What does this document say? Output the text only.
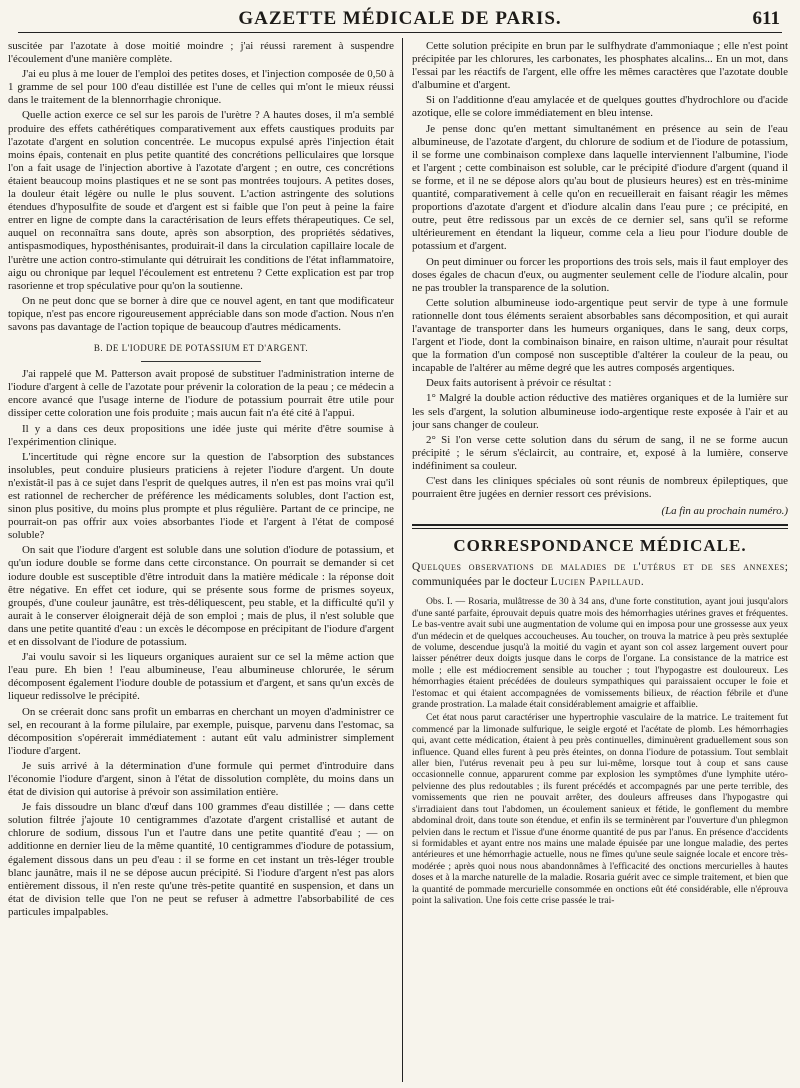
GAZETTE MÉDICALE DE PARIS.	611

suscitée par l'azotate à dose moitié moindre ; j'ai réussi rarement à suspendre l'écoulement d'une manière complète.

J'ai eu plus à me louer de l'emploi des petites doses, et l'injection composée de 0,50 à 1 gramme de sel pour 100 d'eau distillée est l'une de celles qui m'ont le mieux réussi dans le traitement de la blennorrhagie chronique.

Quelle action exerce ce sel sur les parois de l'urètre ? A hautes doses, il m'a semblé produire des effets cathérétiques comparativement aux effets caustiques produits par l'azotate d'argent en solution concentrée. Le mucopus expulsé après l'injection était moins épais, contenait en plus petite quantité des concrétions pelliculaires que lorsque l'on a fait usage de l'injection abortive à l'azotate d'argent ; en outre, ces concrétions étaient beaucoup moins plastiques et ne se sont pas montrées toujours. A petites doses, la douleur était légère ou nulle le plus souvent. L'action astringente des solutions étendues d'hyposulfite de soude et d'argent est si faible que l'on peut à peine la faire entrer en ligne de compte dans la caractérisation de leurs effets thérapeutiques. Ce sel, auquel on reconnaîtra sans doute, après son absorption, des propriétés sédatives, antispasmodiques, hyposthénisantes, produirait-il dans la circulation capillaire locale de l'urètre une action contro-stimulante qui détruirait les conditions de l'état inflammatoire, aigu ou chronique par lequel l'écoulement est entretenu ? Cette explication est par trop rasorienne et trop spéculative pour qu'on la soutienne.

On ne peut donc que se borner à dire que ce nouvel agent, en tant que modificateur topique, n'est pas encore rigoureusement appréciable dans son mode d'action. Nous n'en savons pas davantage de l'action topique de beaucoup d'autres médicaments.

B. DE L'IODURE DE POTASSIUM ET D'ARGENT.

J'ai rappelé que M. Patterson avait proposé de substituer l'administration interne de l'iodure d'argent à celle de l'azotate pour prévenir la coloration de la peau ; ce médecin a encore avancé que l'usage interne de l'iodure de potassium pourrait être utile pour dissiper cette coloration une fois produite ; mais aucun fait n'a été cité à l'appui.

Il y a dans ces deux propositions une idée juste qui mérite d'être soumise à l'expérimention clinique.

L'incertitude qui règne encore sur la question de l'absorption des substances insolubles, peut conduire plusieurs praticiens à rejeter l'iodure d'argent. Un doute n'existât-il pas à ce sujet dans l'esprit de quelques autres, il n'en est pas moins vrai qu'il est rationnel de rechercher de préférence les médicaments solubles, dont l'action est, sinon plus positive, du moins plus prompte et plus régulière. Partant de ce principe, ne pourrait-on pas offrir aux voies absorbantes l'iode et l'argent à l'état de composé soluble?

On sait que l'iodure d'argent est soluble dans une solution d'iodure de potassium, et qu'un iodure double se forme dans cette circonstance. On pourrait se demander si cet iodure double est susceptible d'être introduit dans la matière médicale : la réponse doit être négative. En effet cet iodure, qui se présente sous forme de prismes soyeux, groupés, d'une couleur jaunâtre, est très-déliquescent, peu stable, et la difficulté qu'il y aurait à le conserver éloignerait déjà de son emploi ; mais de plus, il n'est soluble que dans une petite quantité d'eau : un excès le décompose en précipitant de l'iodure d'argent et en dissolvant de l'iodure de potassium.

J'ai voulu savoir si les liqueurs organiques auraient sur ce sel la même action que l'eau pure. Eh bien ! l'eau albumineuse, l'eau albumineuse chlorurée, le sérum décomposent également l'iodure double de potassium et d'argent, et sans qu'un excès de liqueur redissolve le précipité.

On se créerait donc sans profit un embarras en cherchant un moyen d'administrer ce sel, en recourant à la forme pilulaire, par exemple, puisque, parvenu dans l'estomac, sa décomposition s'opérerait immédiatement : autant eût valu administrer simplement l'iodure d'argent.

Je suis arrivé à la détermination d'une formule qui permet d'introduire dans l'économie l'iodure d'argent, sinon à l'état de dissolution complète, du moins dans un état de division qui autorise à prévoir son assimilation entière.

Je fais dissoudre un blanc d'œuf dans 100 grammes d'eau distillée ; — dans cette solution filtrée j'ajoute 10 centigrammes d'azotate d'argent cristallisé et autant de chlorure de sodium, dissous l'un et l'autre dans une petite quantité d'eau ; — on additionne en dernier lieu de la même quantité, 10 centigrammes d'iodure de potassium, également dissous dans un peu d'eau : il se forme en cet instant un très-léger trouble blanc jaunâtre, mais il ne se dépose aucun précipité. Si l'iodure d'argent n'est pas alors entièrement dissous, il n'en reste qu'une très-petite quantité en suspension, et dans un état de division telle que l'on ne peut se refuser à admettre l'absorbabilité de ces particules impalpables.

Cette solution précipite en brun par le sulfhydrate d'ammoniaque ; elle n'est point précipitée par les chlorures, les carbonates, les phosphates alcalins... En un mot, dans l'essai par les réactifs de l'argent, elle offre les mêmes caractères que l'azotate double d'albumine et d'argent.

Si on l'additionne d'eau amylacée et de quelques gouttes d'hydrochlore ou d'acide azotique, elle se colore immédiatement en bleu intense.

Je pense donc qu'en mettant simultanément en présence au sein de l'eau albumineuse, de l'azotate d'argent, du chlorure de sodium et de l'iodure de potassium, il se forme une combinaison complexe dans laquelle interviennent l'albumine, l'iode et l'argent ; cette combinaison est soluble, car le précipité d'iodure d'argent (quand il se forme, et il ne se dépose alors qu'au bout de plusieurs heures) est en très-minime quantité, comparativement à celle qu'on en recueillerait en faisant réagir les mêmes proportions d'azotate d'argent et d'iodure alcalin dans l'eau pure ; ce précipité, en outre, peut être redissous par un excès de ce dernier sel, sans qu'il se reforme ultérieurement en étendant la liqueur, comme cela a lieu pour l'iodure double de potassium et d'argent.

On peut diminuer ou forcer les proportions des trois sels, mais il faut employer des doses égales de chacun d'eux, ou augmenter seulement celle de l'iodure alcalin, pour ne pas troubler la transparence de la solution.

Cette solution albumineuse iodo-argentique peut servir de type à une formule rationnelle dont tous éléments seraient absorbables sans décomposition, et qui aurait l'avantage de transporter dans les humeurs organiques, dans le sang, deux corps, l'argent et l'iode, dont la combinaison binaire, en raison ultime, n'aurait pour résultat que la formation d'un composé non susceptible d'altérer la couleur de la peau, ou incapable de l'altérer au même degré que les autres composés argentiques.

Deux faits autorisent à prévoir ce résultat :

1° Malgré la double action réductive des matières organiques et de la lumière sur les sels d'argent, la solution albumineuse iodo-argentique reste exposée à l'air et au jour sans changer de couleur.

2° Si l'on verse cette solution dans du sérum de sang, il ne se forme aucun précipité ; le sérum s'éclaircit, au contraire, et, exposé à la lumière, conserve indéfiniment sa couleur.

C'est dans les cliniques spéciales où sont réunis de nombreux épileptiques, que pourraient être jugées en dernier ressort ces prévisions.

(La fin au prochain numéro.)
CORRESPONDANCE MÉDICALE.

Quelques observations de maladies de l'utérus et de ses annexes; communiquées par le docteur Lucien Papillaud.

Obs. I. — Rosaria, mulâtresse de 30 à 34 ans, d'une forte constitution, ayant joui jusqu'alors d'une santé parfaite, éprouvait depuis quatre mois des hémorrhagies utérines graves et fréquentes. Le bas-ventre avait subi une augmentation de volume qui en imposa pour une grossesse aux yeux d'un médecin et de quelques accoucheuses. Au toucher, on trouva la matrice à peu près sextuplée de volume, descendue jusqu'à la moitié du vagin et ayant son col assez largement ouvert pour laisser pénétrer deux doigts jusque dans le corps de l'organe. La consistance de la matrice est molle ; elle est médiocrement sensible au toucher ; tout l'hypogastre est douloureux. Les hémorrhagies étaient précédées de douleurs sympathiques qui paraissaient occuper le foie et l'estomac et qui étaient accompagnées de vomissements bilieux, de réaction fébrile et d'une grande prostration. La malade était considérablement amaigrie et affaiblie.

Cet état nous parut caractériser une hypertrophie vasculaire de la matrice. Le traitement fut commencé par la limonade sulfurique, le seigle ergoté et l'acétate de plomb. Les hémorrhagies qui, avant cette médication, étaient à peu près continuelles, diminuèrent graduellement sous son influence. Quand elles furent à peu près éteintes, on donna l'iodure de potassium. Tout semblait aller bien, l'utérus revenait peu à peu sur lui-même, lorsque tout à coup et sans cause occasionnelle connue, apparurent comme par explosion les symptômes d'une lymphite utéro-pelvienne des plus redoutables ; ils furent précédés et accompagnés par une perte terrible, des vomissements que rien ne pouvait arrêter, des douleurs affreuses dans l'hypogastre qui s'irradiaient dans tout l'abdomen, un écoulement sanieux et fétide, le gonflement du membre abdominal droit, dans toute son étendue, et enfin ils se terminèrent par l'ouverture d'un phlegmon pelvien dans le rectum et l'issue d'une énorme quantité de pus par l'anus. En présence d'accidents si formidables et ayant entre nos mains une malade épuisée par une longue maladie, des pertes antérieures et une hémorrhagie actuelle, nous ne fîmes qu'une seule saignée locale et encore très-modérée ; après quoi nous nous abandonnâmes à l'efficacité des onctions mercurielles à hautes doses et à la marche naturelle de la maladie. Rosaria guérit avec ce simple traitement, et bien que la quantité de pommade mercurielle consommée en onctions eût été considérable, elle n'éprouva point la salivation. Une fois cette crise passée le trai-
